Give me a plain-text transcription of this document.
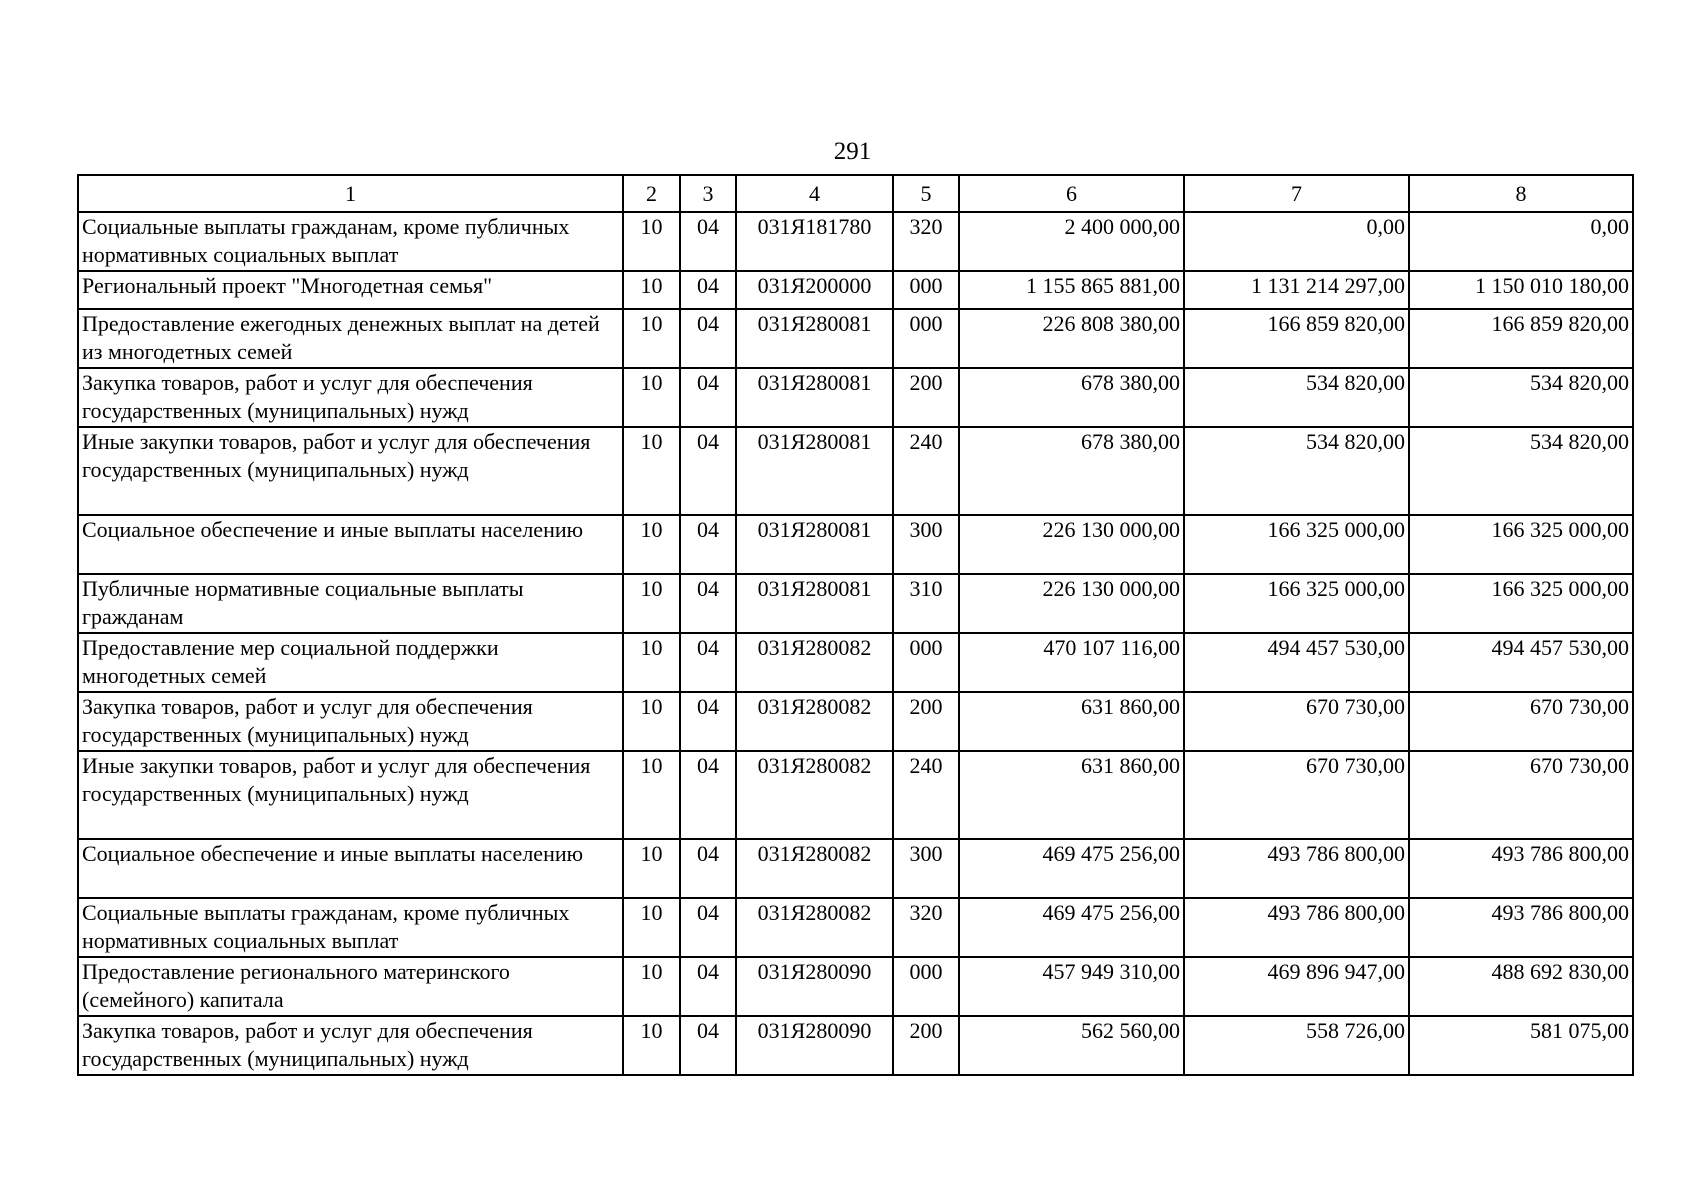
291
1	2	3	4	5	6	7	8
Социальные выплаты гражданам, кроме публичных нормативных социальных выплат	10	04	031Я181780	320	2 400 000,00	0,00	0,00
Региональный проект "Многодетная семья"	10	04	031Я200000	000	1 155 865 881,00	1 131 214 297,00	1 150 010 180,00
Предоставление ежегодных денежных выплат на детей из многодетных семей	10	04	031Я280081	000	226 808 380,00	166 859 820,00	166 859 820,00
Закупка товаров, работ и услуг для обеспечения государственных (муниципальных) нужд	10	04	031Я280081	200	678 380,00	534 820,00	534 820,00
Иные закупки товаров, работ и услуг для обеспечения государственных (муниципальных) нужд	10	04	031Я280081	240	678 380,00	534 820,00	534 820,00
Социальное обеспечение и иные выплаты населению	10	04	031Я280081	300	226 130 000,00	166 325 000,00	166 325 000,00
Публичные нормативные социальные выплаты гражданам	10	04	031Я280081	310	226 130 000,00	166 325 000,00	166 325 000,00
Предоставление мер социальной поддержки многодетных семей	10	04	031Я280082	000	470 107 116,00	494 457 530,00	494 457 530,00
Закупка товаров, работ и услуг для обеспечения государственных (муниципальных) нужд	10	04	031Я280082	200	631 860,00	670 730,00	670 730,00
Иные закупки товаров, работ и услуг для обеспечения государственных (муниципальных) нужд	10	04	031Я280082	240	631 860,00	670 730,00	670 730,00
Социальное обеспечение и иные выплаты населению	10	04	031Я280082	300	469 475 256,00	493 786 800,00	493 786 800,00
Социальные выплаты гражданам, кроме публичных нормативных социальных выплат	10	04	031Я280082	320	469 475 256,00	493 786 800,00	493 786 800,00
Предоставление регионального материнского (семейного) капитала	10	04	031Я280090	000	457 949 310,00	469 896 947,00	488 692 830,00
Закупка товаров, работ и услуг для обеспечения государственных (муниципальных) нужд	10	04	031Я280090	200	562 560,00	558 726,00	581 075,00
